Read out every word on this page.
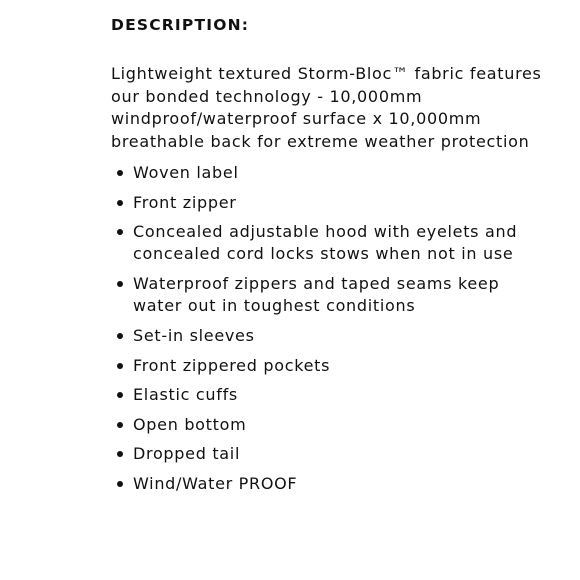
DESCRIPTION:

Lightweight textured Storm-Bloc™ fabric features our bonded technology - 10,000mm windproof/waterproof surface x 10,000mm breathable back for extreme weather protection

Woven label
Front zipper
Concealed adjustable hood with eyelets and concealed cord locks stows when not in use
Waterproof zippers and taped seams keep water out in toughest conditions
Set-in sleeves
Front zippered pockets
Elastic cuffs
Open bottom
Dropped tail
Wind/Water PROOF
